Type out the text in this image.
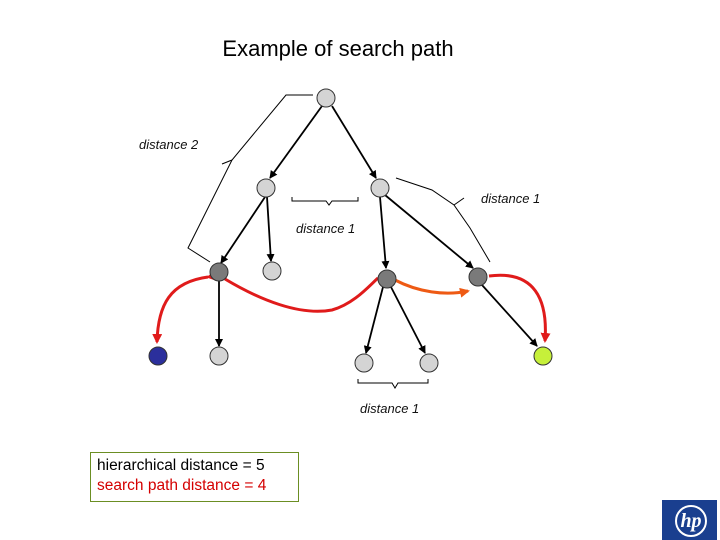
Example of search path
distance 2
distance 1
distance 1
distance 1
hierarchical distance = 5
search path distance = 4
hp
